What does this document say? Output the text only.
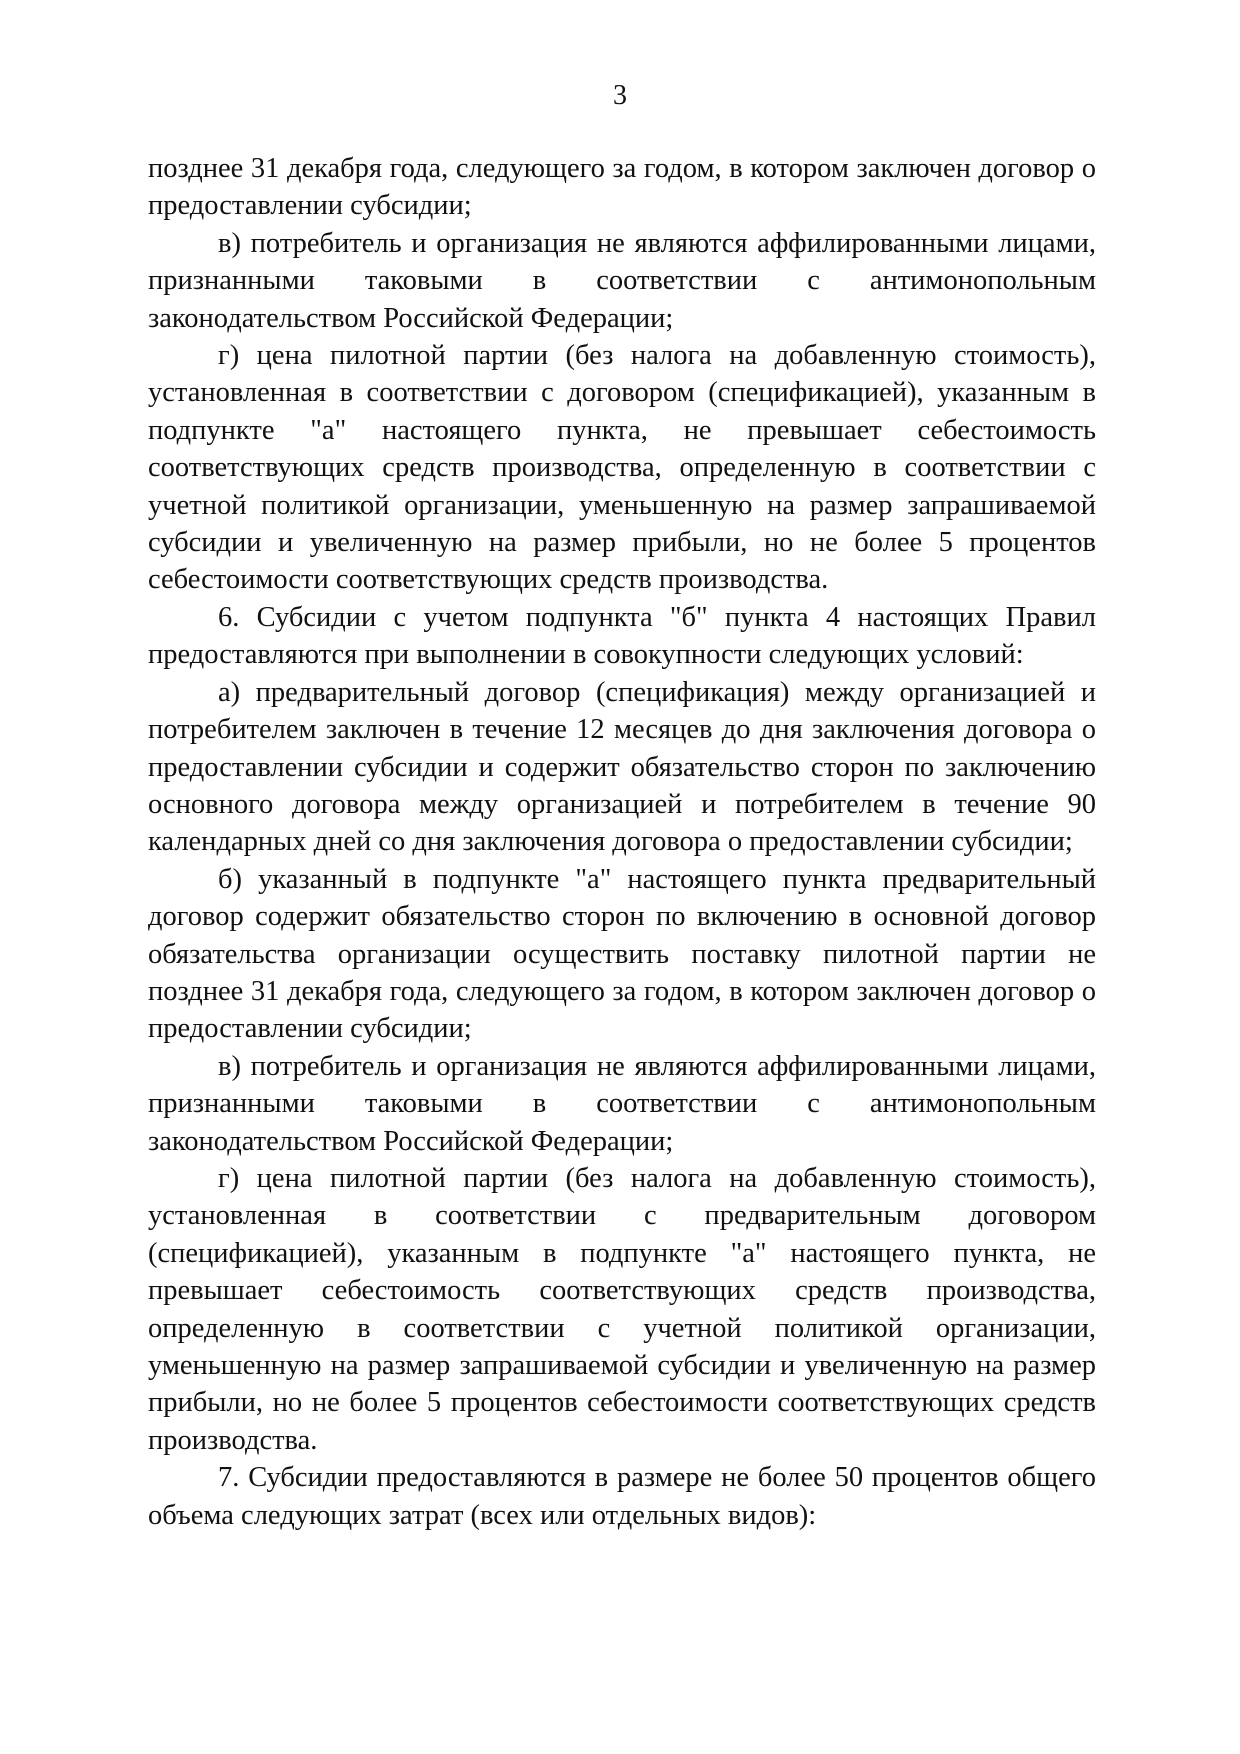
3

позднее 31 декабря года, следующего за годом, в котором заключен договор о предоставлении субсидии;

в) потребитель и организация не являются аффилированными лицами, признанными таковыми в соответствии с антимонопольным законодательством Российской Федерации;

г) цена пилотной партии (без налога на добавленную стоимость), установленная в соответствии с договором (спецификацией), указанным в подпункте "а" настоящего пункта, не превышает себестоимость соответствующих средств производства, определенную в соответствии с учетной политикой организации, уменьшенную на размер запрашиваемой субсидии и увеличенную на размер прибыли, но не более 5 процентов себестоимости соответствующих средств производства.

6. Субсидии с учетом подпункта "б" пункта 4 настоящих Правил предоставляются при выполнении в совокупности следующих условий:

а) предварительный договор (спецификация) между организацией и потребителем заключен в течение 12 месяцев до дня заключения договора о предоставлении субсидии и содержит обязательство сторон по заключению основного договора между организацией и потребителем в течение 90 календарных дней со дня заключения договора о предоставлении субсидии;

б) указанный в подпункте "а" настоящего пункта предварительный договор содержит обязательство сторон по включению в основной договор обязательства организации осуществить поставку пилотной партии не позднее 31 декабря года, следующего за годом, в котором заключен договор о предоставлении субсидии;

в) потребитель и организация не являются аффилированными лицами, признанными таковыми в соответствии с антимонопольным законодательством Российской Федерации;

г) цена пилотной партии (без налога на добавленную стоимость), установленная в соответствии с предварительным договором (спецификацией), указанным в подпункте "а" настоящего пункта, не превышает себестоимость соответствующих средств производства, определенную в соответствии с учетной политикой организации, уменьшенную на размер запрашиваемой субсидии и увеличенную на размер прибыли, но не более 5 процентов себестоимости соответствующих средств производства.

7. Субсидии предоставляются в размере не более 50 процентов общего объема следующих затрат (всех или отдельных видов):
